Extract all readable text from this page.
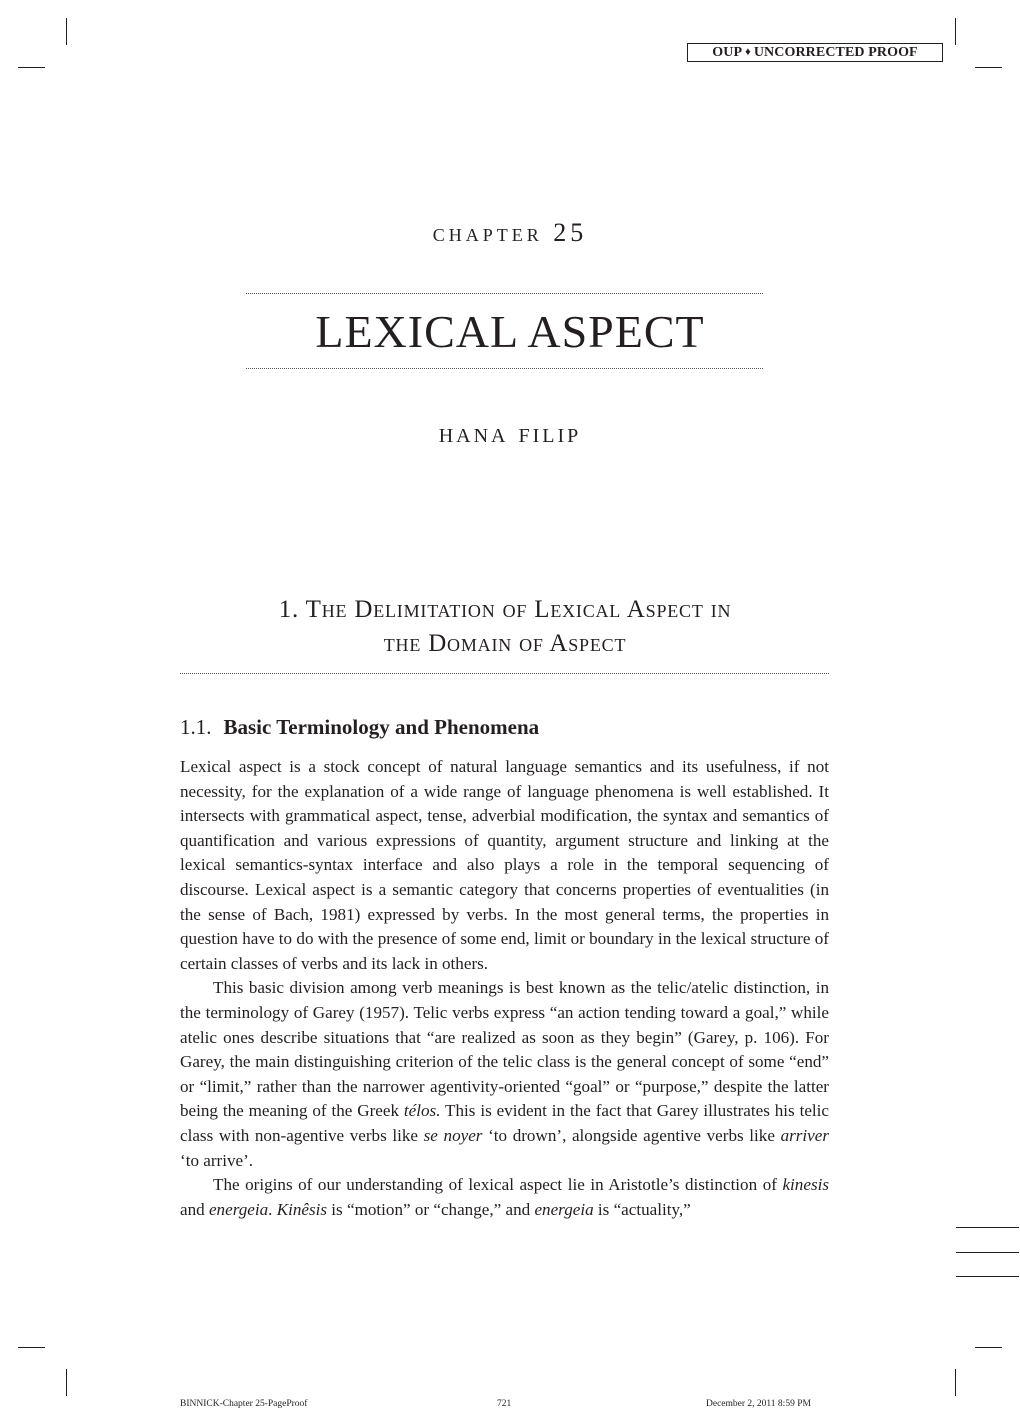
OUP ♦ UNCORRECTED PROOF
chapter 25
LEXICAL ASPECT
hana filip
1. The Delimitation of Lexical Aspect in
the Domain of Aspect
1.1. Basic Terminology and Phenomena

Lexical aspect is a stock concept of natural language semantics and its usefulness, if not necessity, for the explanation of a wide range of language phenomena is well established. It intersects with grammatical aspect, tense, adverbial modification, the syntax and semantics of quantification and various expressions of quantity, argument structure and linking at the lexical semantics-syntax interface and also plays a role in the temporal sequencing of discourse. Lexical aspect is a semantic category that concerns properties of eventualities (in the sense of Bach, 1981) expressed by verbs. In the most general terms, the properties in question have to do with the presence of some end, limit or boundary in the lexical structure of certain classes of verbs and its lack in others.

This basic division among verb meanings is best known as the telic/atelic distinction, in the terminology of Garey (1957). Telic verbs express “an action tending toward a goal,” while atelic ones describe situations that “are realized as soon as they begin” (Garey, p. 106). For Garey, the main distinguishing criterion of the telic class is the general concept of some “end” or “limit,” rather than the narrower agentivity-oriented “goal” or “purpose,” despite the latter being the meaning of the Greek télos. This is evident in the fact that Garey illustrates his telic class with non-agentive verbs like se noyer ‘to drown’, alongside agentive verbs like arriver ‘to arrive’.

The origins of our understanding of lexical aspect lie in Aristotle’s distinction of kinesis and energeia. Kinêsis is “motion” or “change,” and energeia is “actuality,”

BINNICK-Chapter 25-PageProof	721	December 2, 2011 8:59 PM
